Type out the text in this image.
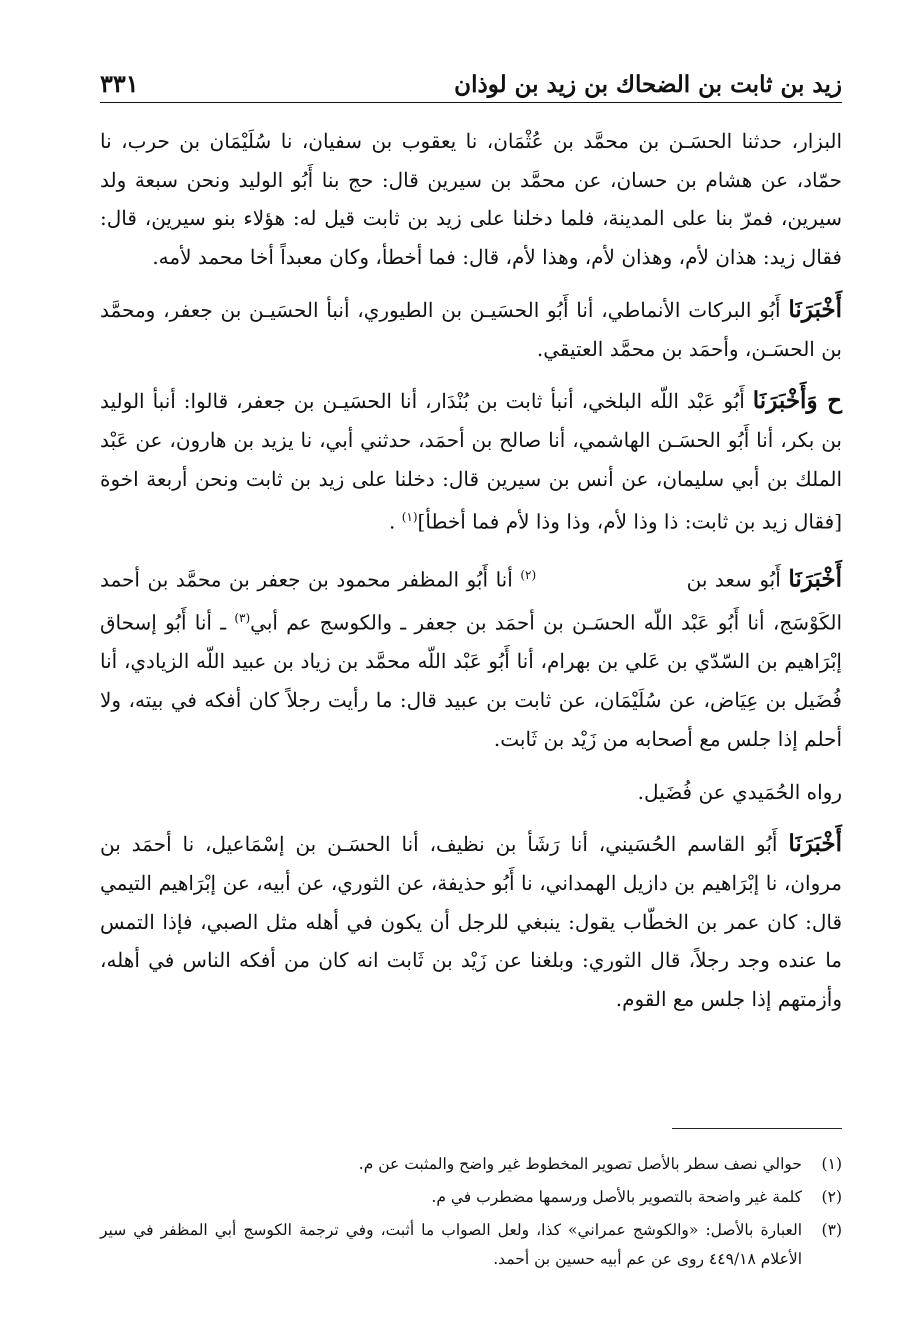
زيد بن ثابت بن الضحاك بن زيد بن لوذان
٣٣١

البزار، حدثنا الحسَـن بن محمَّد بن عُثْمَان، نا يعقوب بن سفيان، نا سُلَيْمَان بن حرب، نا حمّاد، عن هشام بن حسان، عن محمَّد بن سيرين قال: حج بنا أَبُو الوليد ونحن سبعة ولد سيرين، فمرّ بنا على المدينة، فلما دخلنا على زيد بن ثابت قيل له: هؤلاء بنو سيرين، قال: فقال زيد: هذان لأم، وهذان لأم، وهذا لأم، قال: فما أخطأ، وكان معبداً أخا محمد لأمه.

أَخْبَرَنَا أَبُو البركات الأنماطي، أنا أَبُو الحسَيـن بن الطيوري، أنبأ الحسَيـن بن جعفر، ومحمَّد بن الحسَـن، وأحمَد بن محمَّد العتيقي.

ح وَأَخْبَرَنَا أَبُو عَبْد اللّه البلخي، أنبأ ثابت بن بُنْدَار، أنا الحسَيـن بن جعفر، قالوا: أنبأ الوليد بن بكر، أنا أَبُو الحسَـن الهاشمي، أنا صالح بن أحمَد، حدثني أبي، نا يزيد بن هارون، عن عَبْد الملك بن أبي سليمان، عن أنس بن سيرين قال: دخلنا على زيد بن ثابت ونحن أربعة اخوة [فقال زيد بن ثابت: ذا وذا لأم، وذا وذا لأم فما أخطأ]$^{(١)}$ .

أَخْبَرَنَا أَبُو سعد بن ‏ ‏ ‏ ‏ ‏ ‏ ‏ ‏ ‏ ‏ ‏ ‏ ‏ ‏ ‏ ‏ ‏ ‏ ‏ ‏$^{(٢)}$ أنا أَبُو المظفر محمود بن جعفر بن محمَّد بن أحمد الكَوْسَج، أنا أَبُو عَبْد اللّه الحسَـن بن أحمَد بن جعفر ـ والكوسج عم أبي$^{(٣)}$ ـ أنا أَبُو إسحاق إبْرَاهيم بن السّدّي بن عَلي بن بهرام، أنا أَبُو عَبْد اللّه محمَّد بن زياد بن عبيد اللّه الزيادي، أنا فُضَيل بن عِيَاض، عن سُلَيْمَان، عن ثابت بن عبيد قال: ما رأيت رجلاً كان أفكه في بيته، ولا أحلم إذا جلس مع أصحابه من زَيْد بن ثَابت.

رواه الحُمَيدي عن فُضَيل.

أَخْبَرَنَا أَبُو القاسم الحُسَيني، أنا رَشَأ بن نظيف، أنا الحسَـن بن إسْمَاعيل، نا أحمَد بن مروان، نا إبْرَاهيم بن دازيل الهمداني، نا أَبُو حذيفة، عن الثوري، عن أبيه، عن إبْرَاهيم التيمي قال: كان عمر بن الخطّاب يقول: ينبغي للرجل أن يكون في أهله مثل الصبي، فإذا التمس ما عنده وجد رجلاً، قال الثوري: وبلغنا عن زَيْد بن ثَابت انه كان من أفكه الناس في أهله، وأزمتهم إذا جلس مع القوم.

(١)
حوالي نصف سطر بالأصل تصوير المخطوط غير واضح والمثبت عن م.
(٢)
كلمة غير واضحة بالتصوير بالأصل ورسمها مضطرب في م.
(٣)
العبارة بالأصل: «والكوشج عمراني» كذا، ولعل الصواب ما أثبت، وفي ترجمة الكوسج أبي المظفر في سير الأعلام ٤٤٩/١٨ روى عن عم أبيه حسين بن أحمد.
